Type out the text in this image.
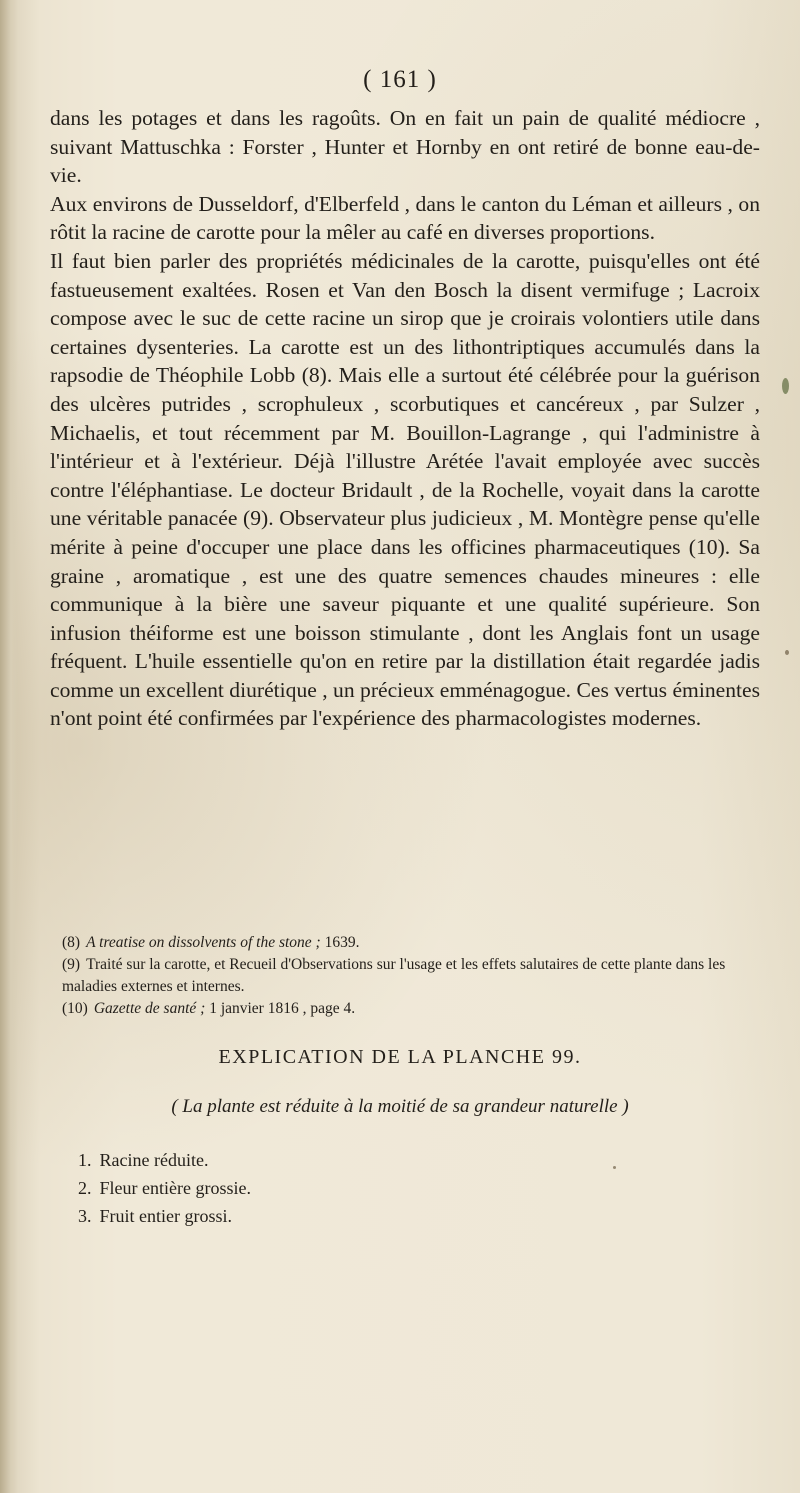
( 161 )

dans les potages et dans les ragoûts. On en fait un pain de qualité médiocre , suivant Mattuschka : Forster , Hunter et Hornby en ont retiré de bonne eau-de-vie.

Aux environs de Dusseldorf, d'Elberfeld , dans le canton du Léman et ailleurs , on rôtit la racine de carotte pour la mêler au café en diverses proportions.

Il faut bien parler des propriétés médicinales de la carotte, puisqu'elles ont été fastueusement exaltées. Rosen et Van den Bosch la disent vermifuge ; Lacroix compose avec le suc de cette racine un sirop que je croirais volontiers utile dans certaines dysenteries. La carotte est un des lithontriptiques accumulés dans la rapsodie de Théophile Lobb (8). Mais elle a surtout été célébrée pour la guérison des ulcères putrides , scrophuleux , scorbutiques et cancéreux , par Sulzer , Michaelis, et tout récemment par M. Bouillon-Lagrange , qui l'administre à l'intérieur et à l'extérieur. Déjà l'illustre Arétée l'avait employée avec succès contre l'éléphantiase. Le docteur Bridault , de la Rochelle, voyait dans la carotte une véritable panacée (9). Observateur plus judicieux , M. Montègre pense qu'elle mérite à peine d'occuper une place dans les officines pharmaceutiques (10). Sa graine , aromatique , est une des quatre semences chaudes mineures : elle communique à la bière une saveur piquante et une qualité supérieure. Son infusion théiforme est une boisson stimulante , dont les Anglais font un usage fréquent. L'huile essentielle qu'on en retire par la distillation était regardée jadis comme un excellent diurétique , un précieux emménagogue. Ces vertus éminentes n'ont point été confirmées par l'expérience des pharmacologistes modernes.

(8) A treatise on dissolvents of the stone ; 1639.
(9) Traité sur la carotte, et Recueil d'Observations sur l'usage et les effets salutaires de cette plante dans les maladies externes et internes.
(10) Gazette de santé ; 1 janvier 1816 , page 4.
EXPLICATION DE LA PLANCHE 99.
( La plante est réduite à la moitié de sa grandeur naturelle )
1. Racine réduite.
2. Fleur entière grossie.
3. Fruit entier grossi.
